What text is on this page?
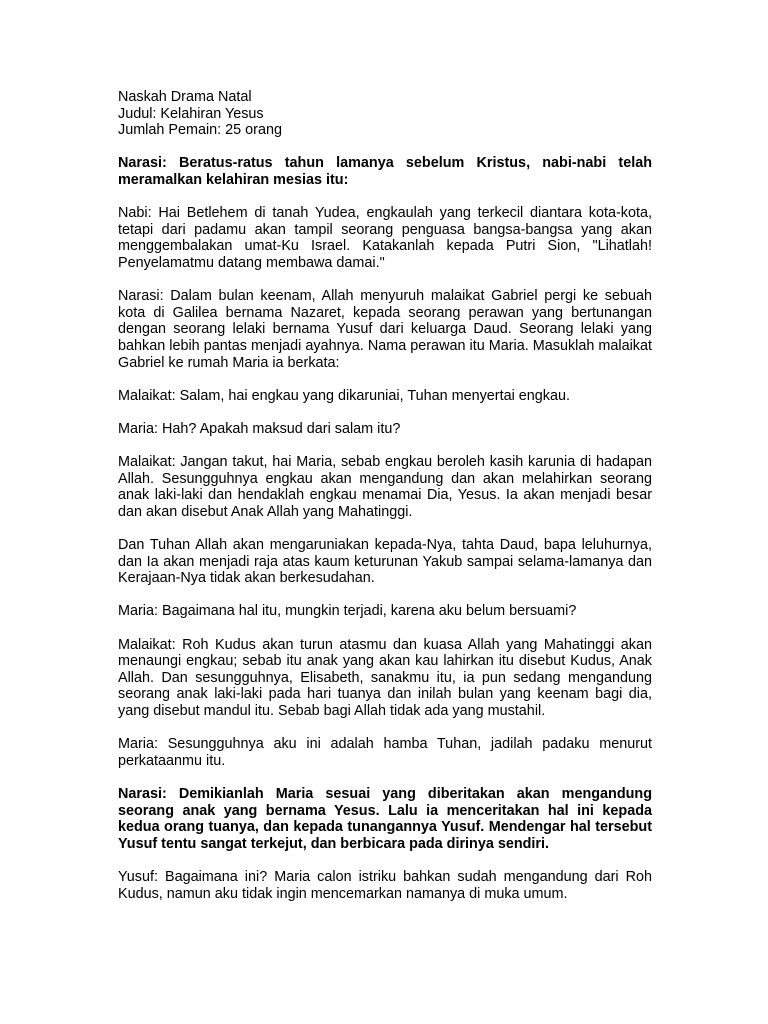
Naskah Drama Natal

Judul: Kelahiran Yesus

Jumlah Pemain: 25 orang

Narasi: Beratus-ratus tahun lamanya sebelum Kristus, nabi-nabi telah meramalkan kelahiran mesias itu:

Nabi: Hai Betlehem di tanah Yudea, engkaulah yang terkecil diantara kota-kota, tetapi dari padamu akan tampil seorang penguasa bangsa-bangsa yang akan menggembalakan umat-Ku Israel. Katakanlah kepada Putri Sion, "Lihatlah! Penyelamatmu datang membawa damai."

Narasi: Dalam bulan keenam, Allah menyuruh malaikat Gabriel pergi ke sebuah kota di Galilea bernama Nazaret, kepada seorang perawan yang bertunangan dengan seorang lelaki bernama Yusuf dari keluarga Daud. Seorang lelaki yang bahkan lebih pantas menjadi ayahnya. Nama perawan itu Maria. Masuklah malaikat Gabriel ke rumah Maria ia berkata:

Malaikat: Salam, hai engkau yang dikaruniai, Tuhan menyertai engkau.

Maria: Hah? Apakah maksud dari salam itu?

Malaikat: Jangan takut, hai Maria, sebab engkau beroleh kasih karunia di hadapan Allah. Sesungguhnya engkau akan mengandung dan akan melahirkan seorang anak laki-laki dan hendaklah engkau menamai Dia, Yesus. Ia akan menjadi besar dan akan disebut Anak Allah yang Mahatinggi.

Dan Tuhan Allah akan mengaruniakan kepada-Nya, tahta Daud, bapa leluhurnya, dan Ia akan menjadi raja atas kaum keturunan Yakub sampai selama-lamanya dan Kerajaan-Nya tidak akan berkesudahan.

Maria: Bagaimana hal itu, mungkin terjadi, karena aku belum bersuami?

Malaikat: Roh Kudus akan turun atasmu dan kuasa Allah yang Mahatinggi akan menaungi engkau; sebab itu anak yang akan kau lahirkan itu disebut Kudus, Anak Allah. Dan sesungguhnya, Elisabeth, sanakmu itu, ia pun sedang mengandung seorang anak laki-laki pada hari tuanya dan inilah bulan yang keenam bagi dia, yang disebut mandul itu. Sebab bagi Allah tidak ada yang mustahil.

Maria: Sesungguhnya aku ini adalah hamba Tuhan, jadilah padaku menurut perkataanmu itu.

Narasi: Demikianlah Maria sesuai yang diberitakan akan mengandung seorang anak yang bernama Yesus. Lalu ia menceritakan hal ini kepada kedua orang tuanya, dan kepada tunangannya Yusuf. Mendengar hal tersebut Yusuf tentu sangat terkejut, dan berbicara pada dirinya sendiri.

Yusuf: Bagaimana ini? Maria calon istriku bahkan sudah mengandung dari Roh Kudus, namun aku tidak ingin mencemarkan namanya di muka umum.
